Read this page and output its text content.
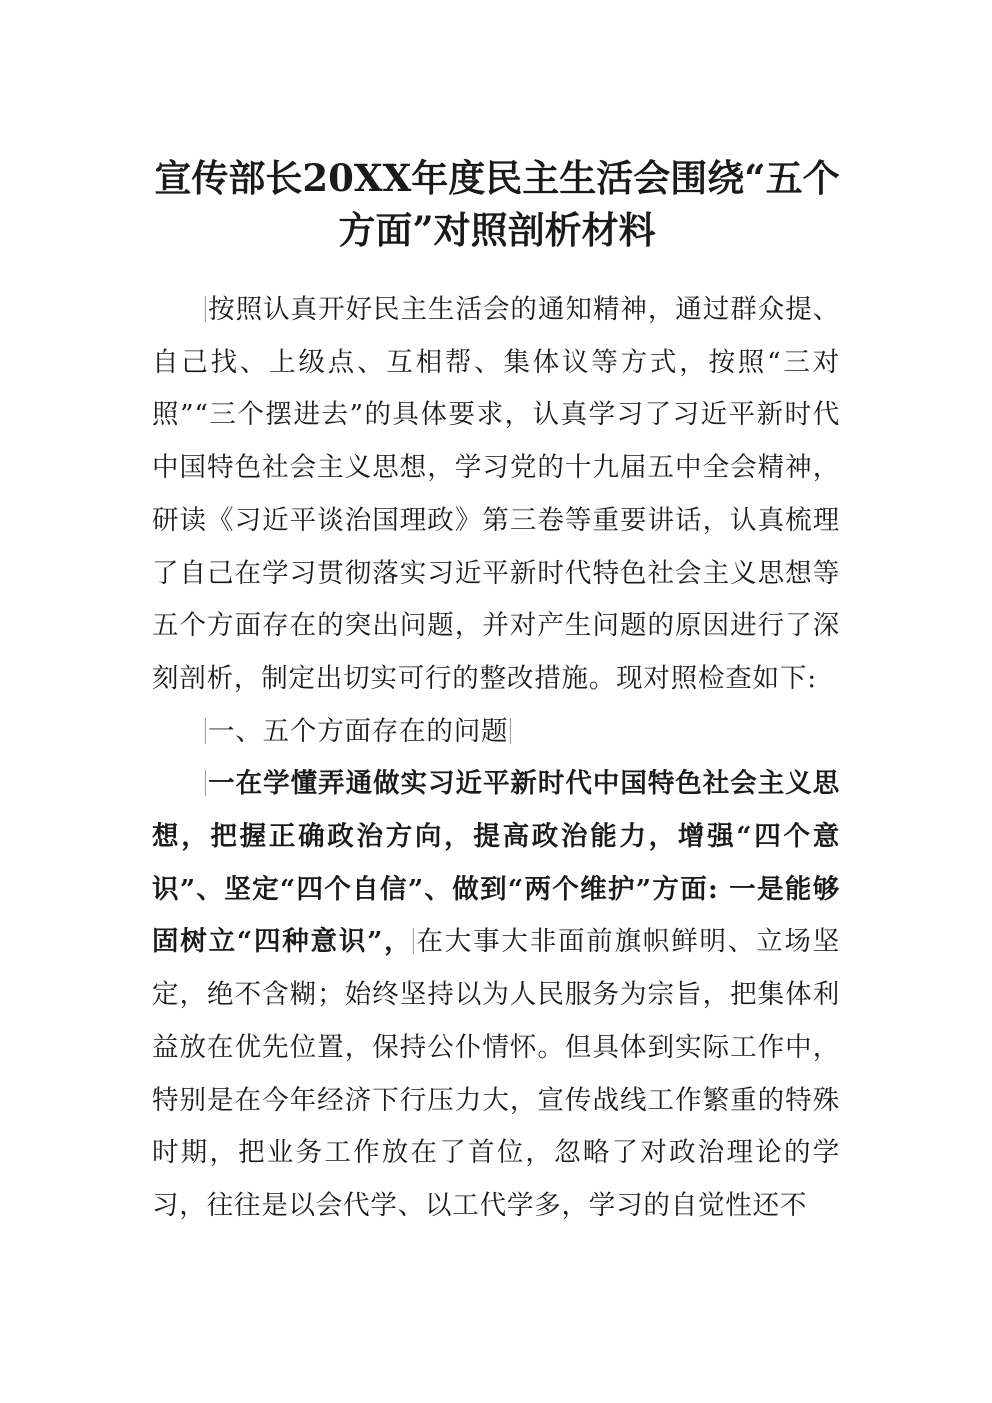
宣传部长20XX年度民主生活会围绕“五个
方面”对照剖析材料

按照认真开好民主生活会的通知精神，通过群众提、自己找、上级点、互相帮、集体议等方式，按照“三对照”“三个摆进去”的具体要求，认真学习了习近平新时代中国特色社会主义思想，学习党的十九届五中全会精神，研读《习近平谈治国理政》第三卷等重要讲话，认真梳理了自己在学习贯彻落实习近平新时代特色社会主义思想等五个方面存在的突出问题，并对产生问题的原因进行了深刻剖析，制定出切实可行的整改措施。现对照检查如下:

一、五个方面存在的问题

一在学懂弄通做实习近平新时代中国特色社会主义思想，把握正确政治方向，提高政治能力，增强“四个意识”、坚定“四个自信”、做到“两个维护”方面: 一是能够固树立“四种意识”， 在大事大非面前旗帜鲜明、立场坚定，绝不含糊；始终坚持以为人民服务为宗旨，把集体利益放在优先位置，保持公仆情怀。但具体到实际工作中，特别是在今年经济下行压力大，宣传战线工作繁重的特殊时期，把业务工作放在了首位，忽略了对政治理论的学习，往往是以会代学、以工代学多，学习的自觉性还不
